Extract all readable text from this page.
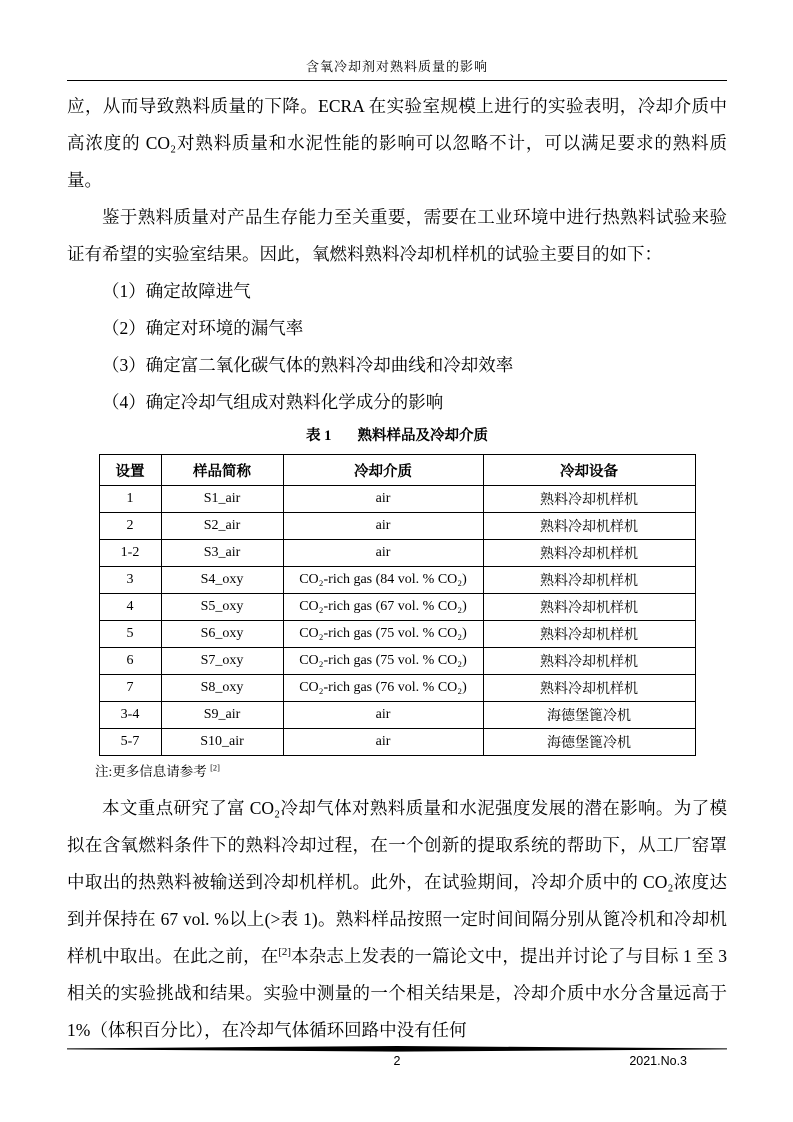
含氧冷却剂对熟料质量的影响

应，从而导致熟料质量的下降。ECRA 在实验室规模上进行的实验表明，冷却介质中高浓度的 CO₂对熟料质量和水泥性能的影响可以忽略不计，可以满足要求的熟料质量。

鉴于熟料质量对产品生存能力至关重要，需要在工业环境中进行热熟料试验来验证有希望的实验室结果。因此，氧燃料熟料冷却机样机的试验主要目的如下：

（1）确定故障进气

（2）确定对环境的漏气率

（3）确定富二氧化碳气体的熟料冷却曲线和冷却效率

（4）确定冷却气组成对熟料化学成分的影响

表 1 熟料样品及冷却介质
设置	样品简称	冷却介质	冷却设备
1	S1_air	air	熟料冷却机样机
2	S2_air	air	熟料冷却机样机
1-2	S3_air	air	熟料冷却机样机
3	S4_oxy	CO₂-rich gas (84 vol. % CO₂)	熟料冷却机样机
4	S5_oxy	CO₂-rich gas (67 vol. % CO₂)	熟料冷却机样机
5	S6_oxy	CO₂-rich gas (75 vol. % CO₂)	熟料冷却机样机
6	S7_oxy	CO₂-rich gas (75 vol. % CO₂)	熟料冷却机样机
7	S8_oxy	CO₂-rich gas (76 vol. % CO₂)	熟料冷却机样机
3-4	S9_air	air	海德堡篦冷机
5-7	S10_air	air	海德堡篦冷机
注:更多信息请参考 [2]

本文重点研究了富 CO₂冷却气体对熟料质量和水泥强度发展的潜在影响。为了模拟在含氧燃料条件下的熟料冷却过程，在一个创新的提取系统的帮助下，从工厂窑罩中取出的热熟料被输送到冷却机样机。此外，在试验期间，冷却介质中的 CO₂浓度达到并保持在 67 vol. %以上(>表 1)。熟料样品按照一定时间间隔分别从篦冷机和冷却机样机中取出。在此之前，在[2]本杂志上发表的一篇论文中，提出并讨论了与目标 1 至 3 相关的实验挑战和结果。实验中测量的一个相关结果是，冷却介质中水分含量远高于 1%（体积百分比），在冷却气体循环回路中没有任何

2	2021.No.3
